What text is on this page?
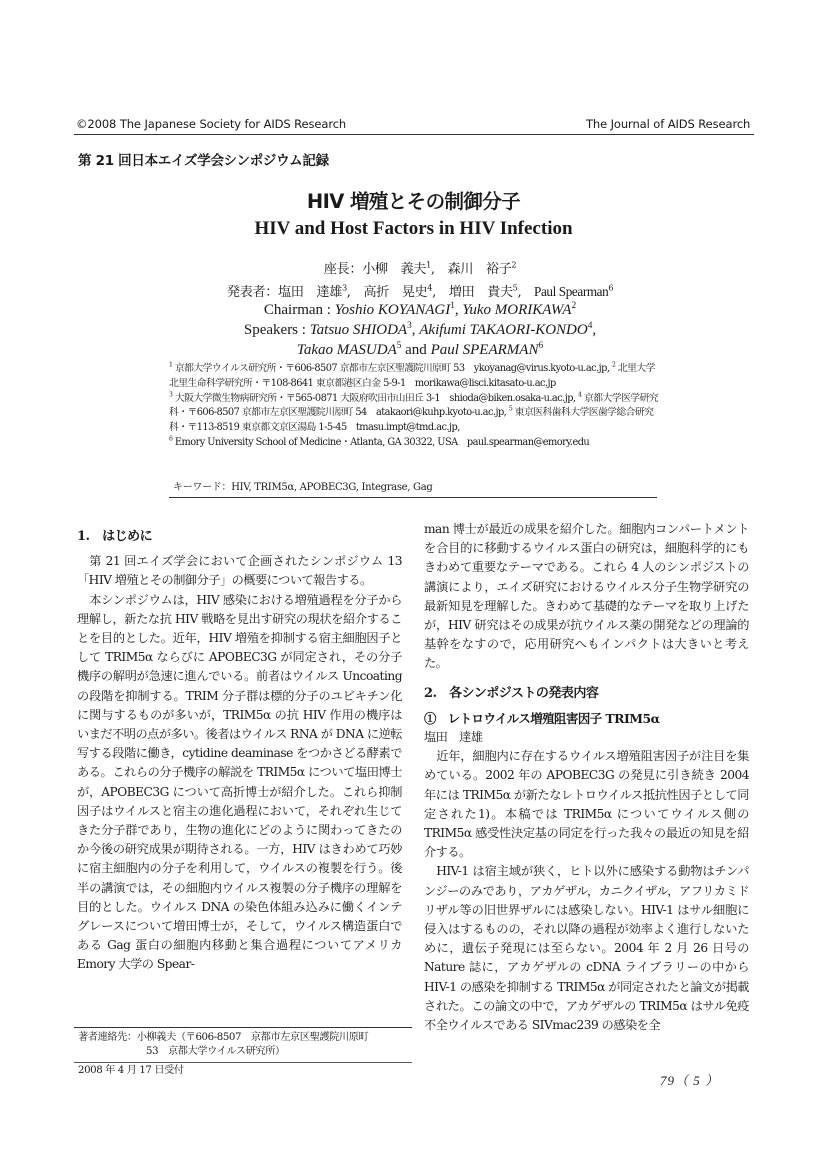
©2008 The Japanese Society for AIDS Research	The Journal of AIDS Research
第 21 回日本エイズ学会シンポジウム記録
HIV 増殖とその制御分子
HIV and Host Factors in HIV Infection
座長：小柳　義夫$^1$,　森川　裕子$^2$
発表者：塩田　達雄$^3$,　高折　晃史$^4$,　増田　貴夫$^5$,　Paul Spearman$^6$
Chairman : Yoshio KOYANAGI$^1$, Yuko MORIKAWA$^2$
Speakers : Tatsuo SHIODA$^3$, Akifumi TAKAORI-KONDO$^4$,
Takao MASUDA$^5$ and Paul SPEARMAN$^6$

$^1$ 京都大学ウイルス研究所・〒606-8507 京都市左京区聖護院川原町 53　ykoyanag@virus.kyoto-u.ac.jp, $^2$ 北里大学北里生命科学研究所・〒108-8641 東京都港区白金 5-9-1　morikawa@lisci.kitasato-u.ac.jp

$^3$ 大阪大学微生物病研究所・〒565-0871 大阪府吹田市山田丘 3-1　shioda@biken.osaka-u.ac.jp, $^4$ 京都大学医学研究科・〒606-8507 京都市左京区聖護院川原町 54　atakaori@kuhp.kyoto-u.ac.jp, $^5$ 東京医科歯科大学医歯学総合研究科・〒113-8519 東京都文京区湯島 1-5-45　tmasu.impt@tmd.ac.jp,

$^6$ Emory University School of Medicine・Atlanta, GA 30322, USA　paul.spearman@emory.edu

キーワード：HIV, TRIM5α, APOBEC3G, Integrase, Gag

1.　はじめに

第 21 回エイズ学会において企画されたシンポジウム 13「HIV 増殖とその制御分子」の概要について報告する。

本シンポジウムは，HIV 感染における増殖過程を分子から理解し，新たな抗 HIV 戦略を見出す研究の現状を紹介することを目的とした。近年，HIV 増殖を抑制する宿主細胞因子として TRIM5α ならびに APOBEC3G が同定され，その分子機序の解明が急速に進んでいる。前者はウイルス Uncoating の段階を抑制する。TRIM 分子群は標的分子のユビキチン化に関与するものが多いが，TRIM5α の抗 HIV 作用の機序はいまだ不明の点が多い。後者はウイルス RNA が DNA に逆転写する段階に働き，cytidine deaminase をつかさどる酵素である。これらの分子機序の解説を TRIM5α について塩田博士が，APOBEC3G について高折博士が紹介した。これら抑制因子はウイルスと宿主の進化過程において，それぞれ生じてきた分子群であり，生物の進化にどのように関わってきたのか今後の研究成果が期待される。一方，HIV はきわめて巧妙に宿主細胞内の分子を利用して，ウイルスの複製を行う。後半の講演では，その細胞内ウイルス複製の分子機序の理解を目的とした。ウイルス DNA の染色体組み込みに働くインテグレースについて増田博士が，そして，ウイルス構造蛋白である Gag 蛋白の細胞内移動と集合過程についてアメリカ Emory 大学の Spear-

man 博士が最近の成果を紹介した。細胞内コンパートメントを合目的に移動するウイルス蛋白の研究は，細胞科学的にもきわめて重要なテーマである。これら 4 人のシンポジストの講演により，エイズ研究におけるウイルス分子生物学研究の最新知見を理解した。きわめて基礎的なテーマを取り上げたが，HIV 研究はその成果が抗ウイルス薬の開発などの理論的基幹をなすので，応用研究へもインパクトは大きいと考えた。

2.　各シンポジストの発表内容

①　レトロウイルス増殖阻害因子 TRIM5α

塩田　達雄

近年，細胞内に存在するウイルス増殖阻害因子が注目を集めている。2002 年の APOBEC3G の発見に引き続き 2004 年には TRIM5α が新たなレトロウイルス抵抗性因子として同定された1)。本稿では TRIM5α についてウイルス側の TRIM5α 感受性決定基の同定を行った我々の最近の知見を紹介する。

HIV-1 は宿主域が狭く，ヒト以外に感染する動物はチンパンジーのみであり，アカゲザル，カニクイザル，アフリカミドリザル等の旧世界ザルには感染しない。HIV-1 はサル細胞に侵入はするものの，それ以降の過程が効率よく進行しないために，遺伝子発現には至らない。2004 年 2 月 26 日号の Nature 誌に，アカゲザルの cDNA ライブラリーの中から HIV-1 の感染を抑制する TRIM5α が同定されたと論文が掲載された。この論文の中で，アカゲザルの TRIM5α はサル免疫不全ウイルスである SIVmac239 の感染を全

著者連絡先：小柳義夫（〒606-8507　京都市左京区聖護院川原町
53　京都大学ウイルス研究所）
2008 年 4 月 17 日受付
79（ 5 ）
